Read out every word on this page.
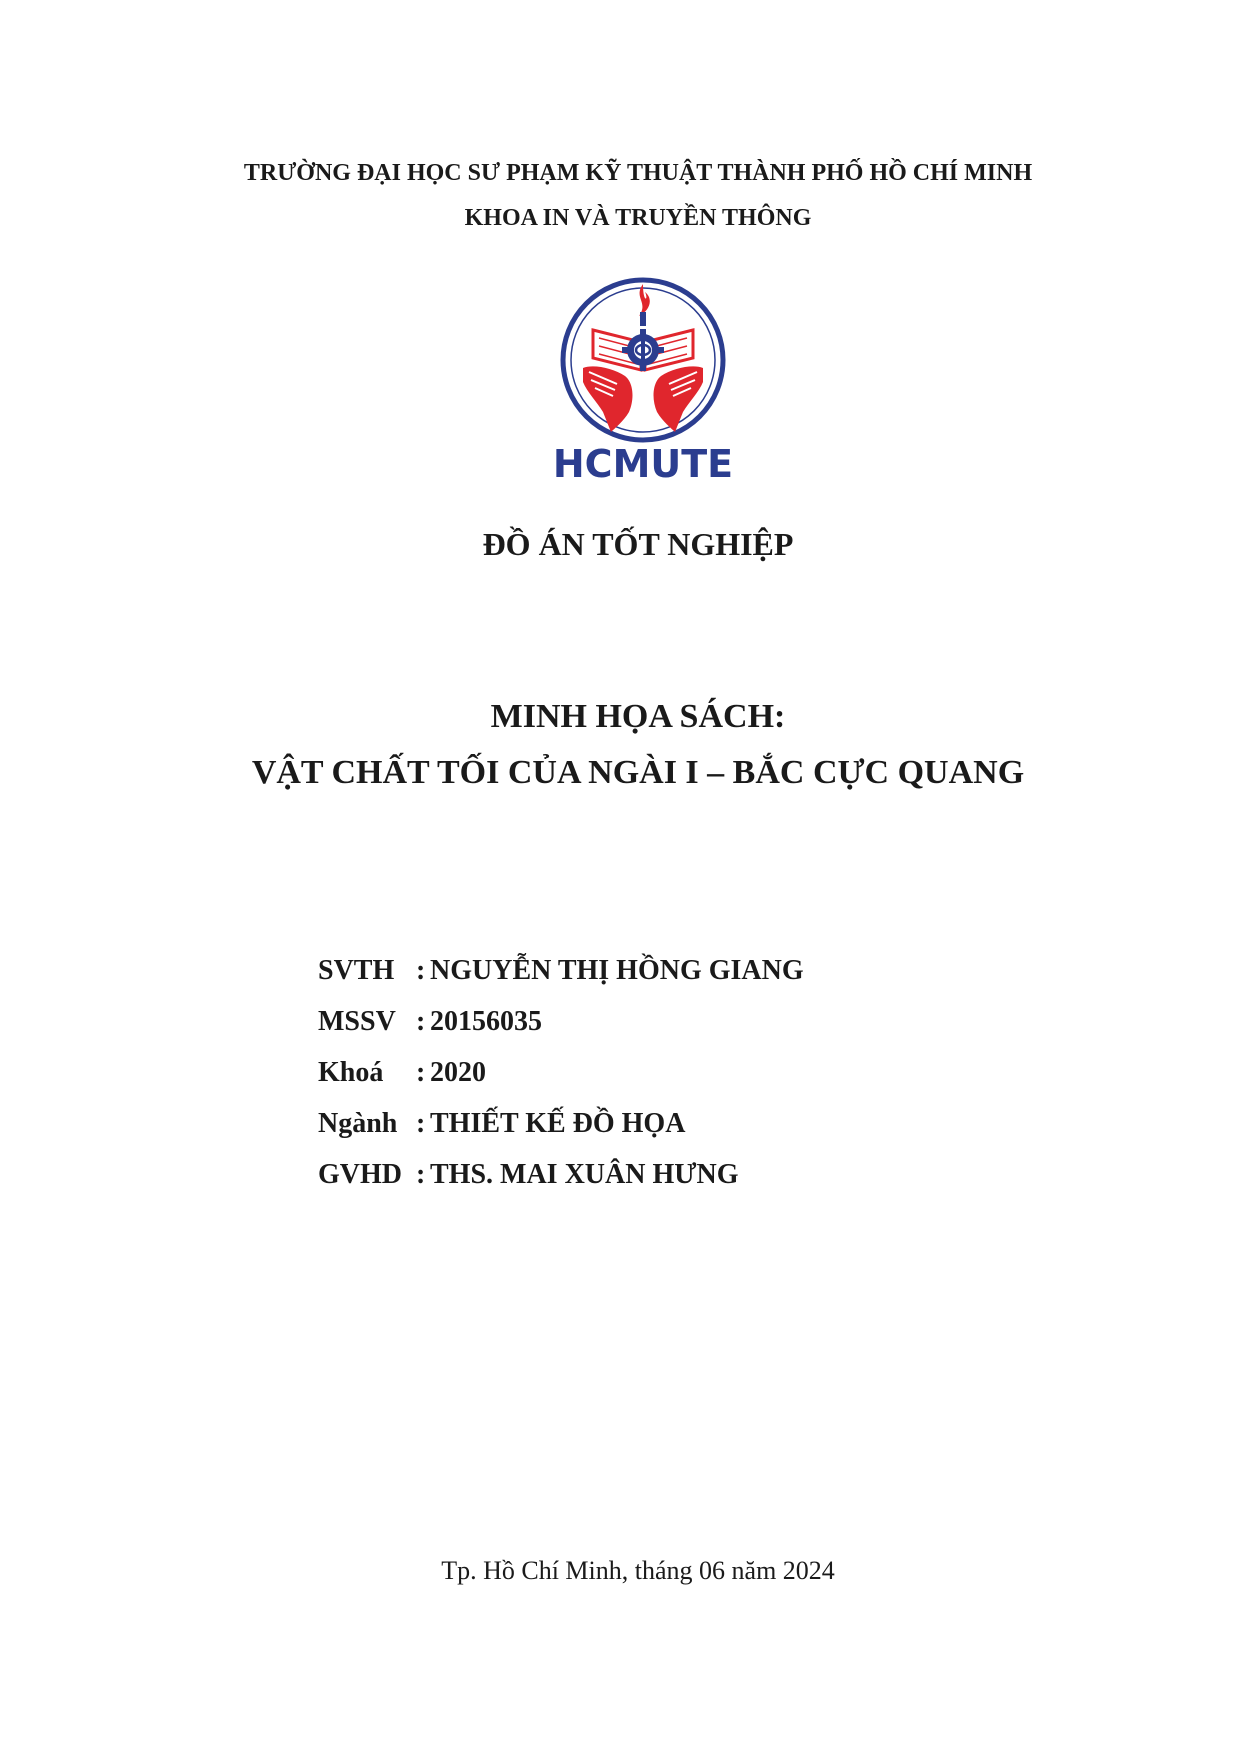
TRƯỜNG ĐẠI HỌC SƯ PHẠM KỸ THUẬT THÀNH PHỐ HỒ CHÍ MINH
KHOA IN VÀ TRUYỀN THÔNG
HCMUTE
ĐỒ ÁN TỐT NGHIỆP
MINH HỌA SÁCH:
VẬT CHẤT TỐI CỦA NGÀI I – BẮC CỰC QUANG
SVTH : NGUYỄN THỊ HỒNG GIANG
MSSV : 20156035
Khoá	: 2020
Ngành : THIẾT KẾ ĐỒ HỌA
GVHD : THS. MAI XUÂN HƯNG
Tp. Hồ Chí Minh, tháng 06 năm 2024
